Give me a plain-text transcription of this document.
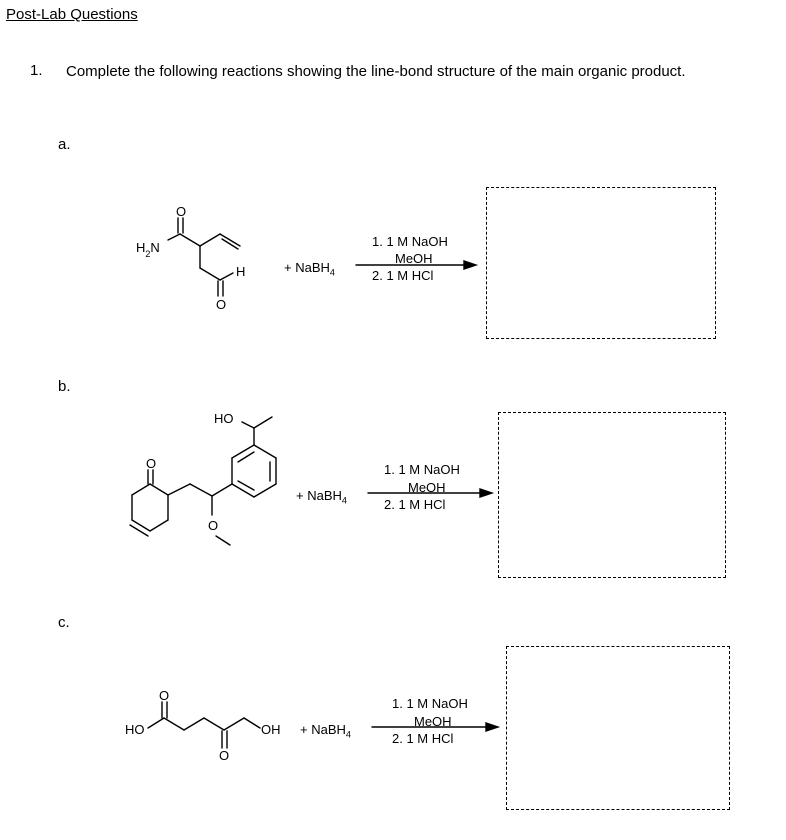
Post-Lab Questions
1. Complete the following reactions showing the line-bond structure of the main organic product.
a.
b.
c.
$H_2N$
O
H
O
HO
O
O
HO
O
O
OH
+ NaBH$_4$
+ NaBH$_4$
+ NaBH$_4$
1. 1 M NaOH
MeOH
2. 1 M HCl
1. 1 M NaOH
MeOH
2. 1 M HCl
1. 1 M NaOH
MeOH
2. 1 M HCl
